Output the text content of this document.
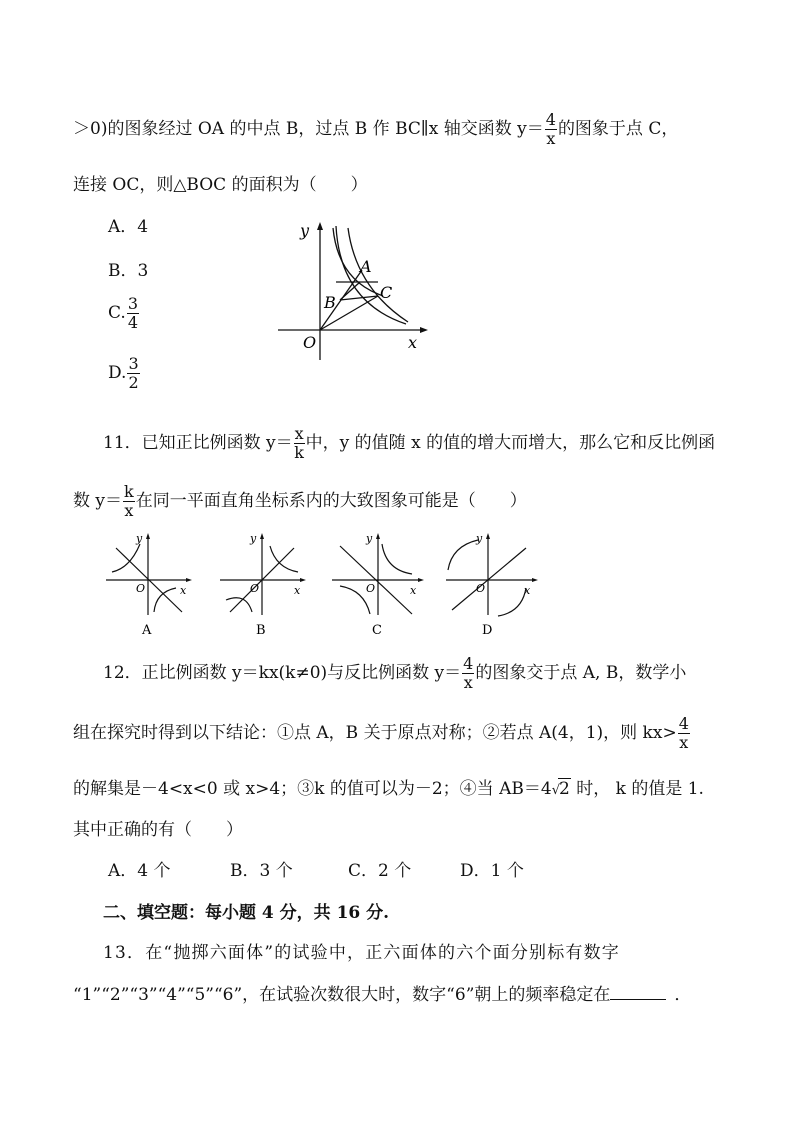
＞0)的图象经过 OA 的中点 B，过点 B 作 BC∥x 轴交函数 $y= \frac{4}{x}$ 的图象于点 C，
连接 OC，则△BOC 的面积为（　　）
A．4
B．3
C. $\frac{3}{4}$
D. $\frac{3}{2}$
y
x
O
A
B
C
11．已知正比例函数 $y= \frac{x}{k}$ 中，y 的值随 x 的值的增大而增大，那么它和反比例函
数 $y= \frac{k}{x}$ 在同一平面直角坐标系内的大致图象可能是（　　）
y
x
O
A
y
x
O
B
y
x
O
C
y
x
O
D
12．正比例函数 y＝kx(k≠0)与反比例函数 $y= \frac{4}{x}$ 的图象交于点 A, B，数学小
组在探究时得到以下结论：①点 A，B 关于原点对称；②若点 A(4，1)，则 $kx> \frac{4}{x}$
的解集是－4<x<0 或 x>4；③k 的值可以为－2；④当 AB＝4√2 时， k 的值是 1.
其中正确的有（　　）
A．4 个	B．3 个	C．2 个	D．1 个
二、填空题：每小题 4 分，共 16 分.
13．在“抛掷六面体”的试验中，正六面体的六个面分别标有数字
“1”“2”“3”“4”“5”“6”，在试验次数很大时，数字“6”朝上的频率稳定在	．
